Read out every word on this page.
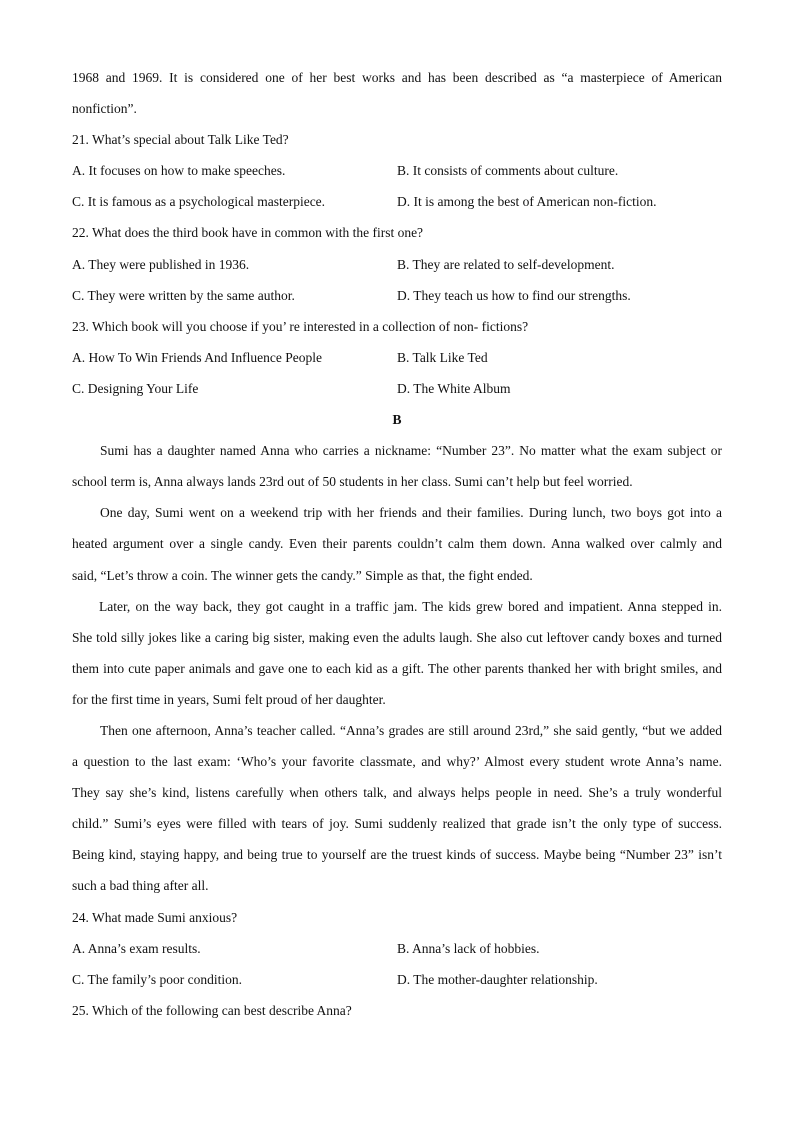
1968 and 1969. It is considered one of her best works and has been described as “a masterpiece of American
nonfiction”.
21. What’s special about Talk Like Ted?
A. It focuses on how to make speeches.	B. It consists of comments about culture.
C. It is famous as a psychological masterpiece.	D. It is among the best of American non-fiction.
22. What does the third book have in common with the first one?
A. They were published in 1936.	B. They are related to self-development.
C. They were written by the same author.	D. They teach us how to find our strengths.
23. Which book will you choose if you’ re interested in a collection of non- fictions?
A. How To Win Friends And Influence People	B. Talk Like Ted
C. Designing Your Life	D. The White Album
B
Sumi has a daughter named Anna who carries a nickname: “Number 23”. No matter what the exam subject or
school term is, Anna always lands 23rd out of 50 students in her class. Sumi can’t help but feel worried.
One day, Sumi went on a weekend trip with her friends and their families. During lunch, two boys got into a
heated argument over a single candy. Even their parents couldn’t calm them down. Anna walked over calmly and
said, “Let’s throw a coin. The winner gets the candy.” Simple as that, the fight ended.
Later, on the way back, they got caught in a traffic jam. The kids grew bored and impatient. Anna stepped in.
She told silly jokes like a caring big sister, making even the adults laugh. She also cut leftover candy boxes and turned
them into cute paper animals and gave one to each kid as a gift. The other parents thanked her with bright smiles, and
for the first time in years, Sumi felt proud of her daughter.
Then one afternoon, Anna’s teacher called. “Anna’s grades are still around 23rd,” she said gently, “but we added
a question to the last exam: ‘Who’s your favorite classmate, and why?’ Almost every student wrote Anna’s name.
They say she’s kind, listens carefully when others talk, and always helps people in need. She’s a truly wonderful
child.” Sumi’s eyes were filled with tears of joy. Sumi suddenly realized that grade isn’t the only type of success.
Being kind, staying happy, and being true to yourself are the truest kinds of success. Maybe being “Number 23” isn’t
such a bad thing after all.
24. What made Sumi anxious?
A. Anna’s exam results.	B. Anna’s lack of hobbies.
C. The family’s poor condition.	D. The mother-daughter relationship.
25. Which of the following can best describe Anna?
